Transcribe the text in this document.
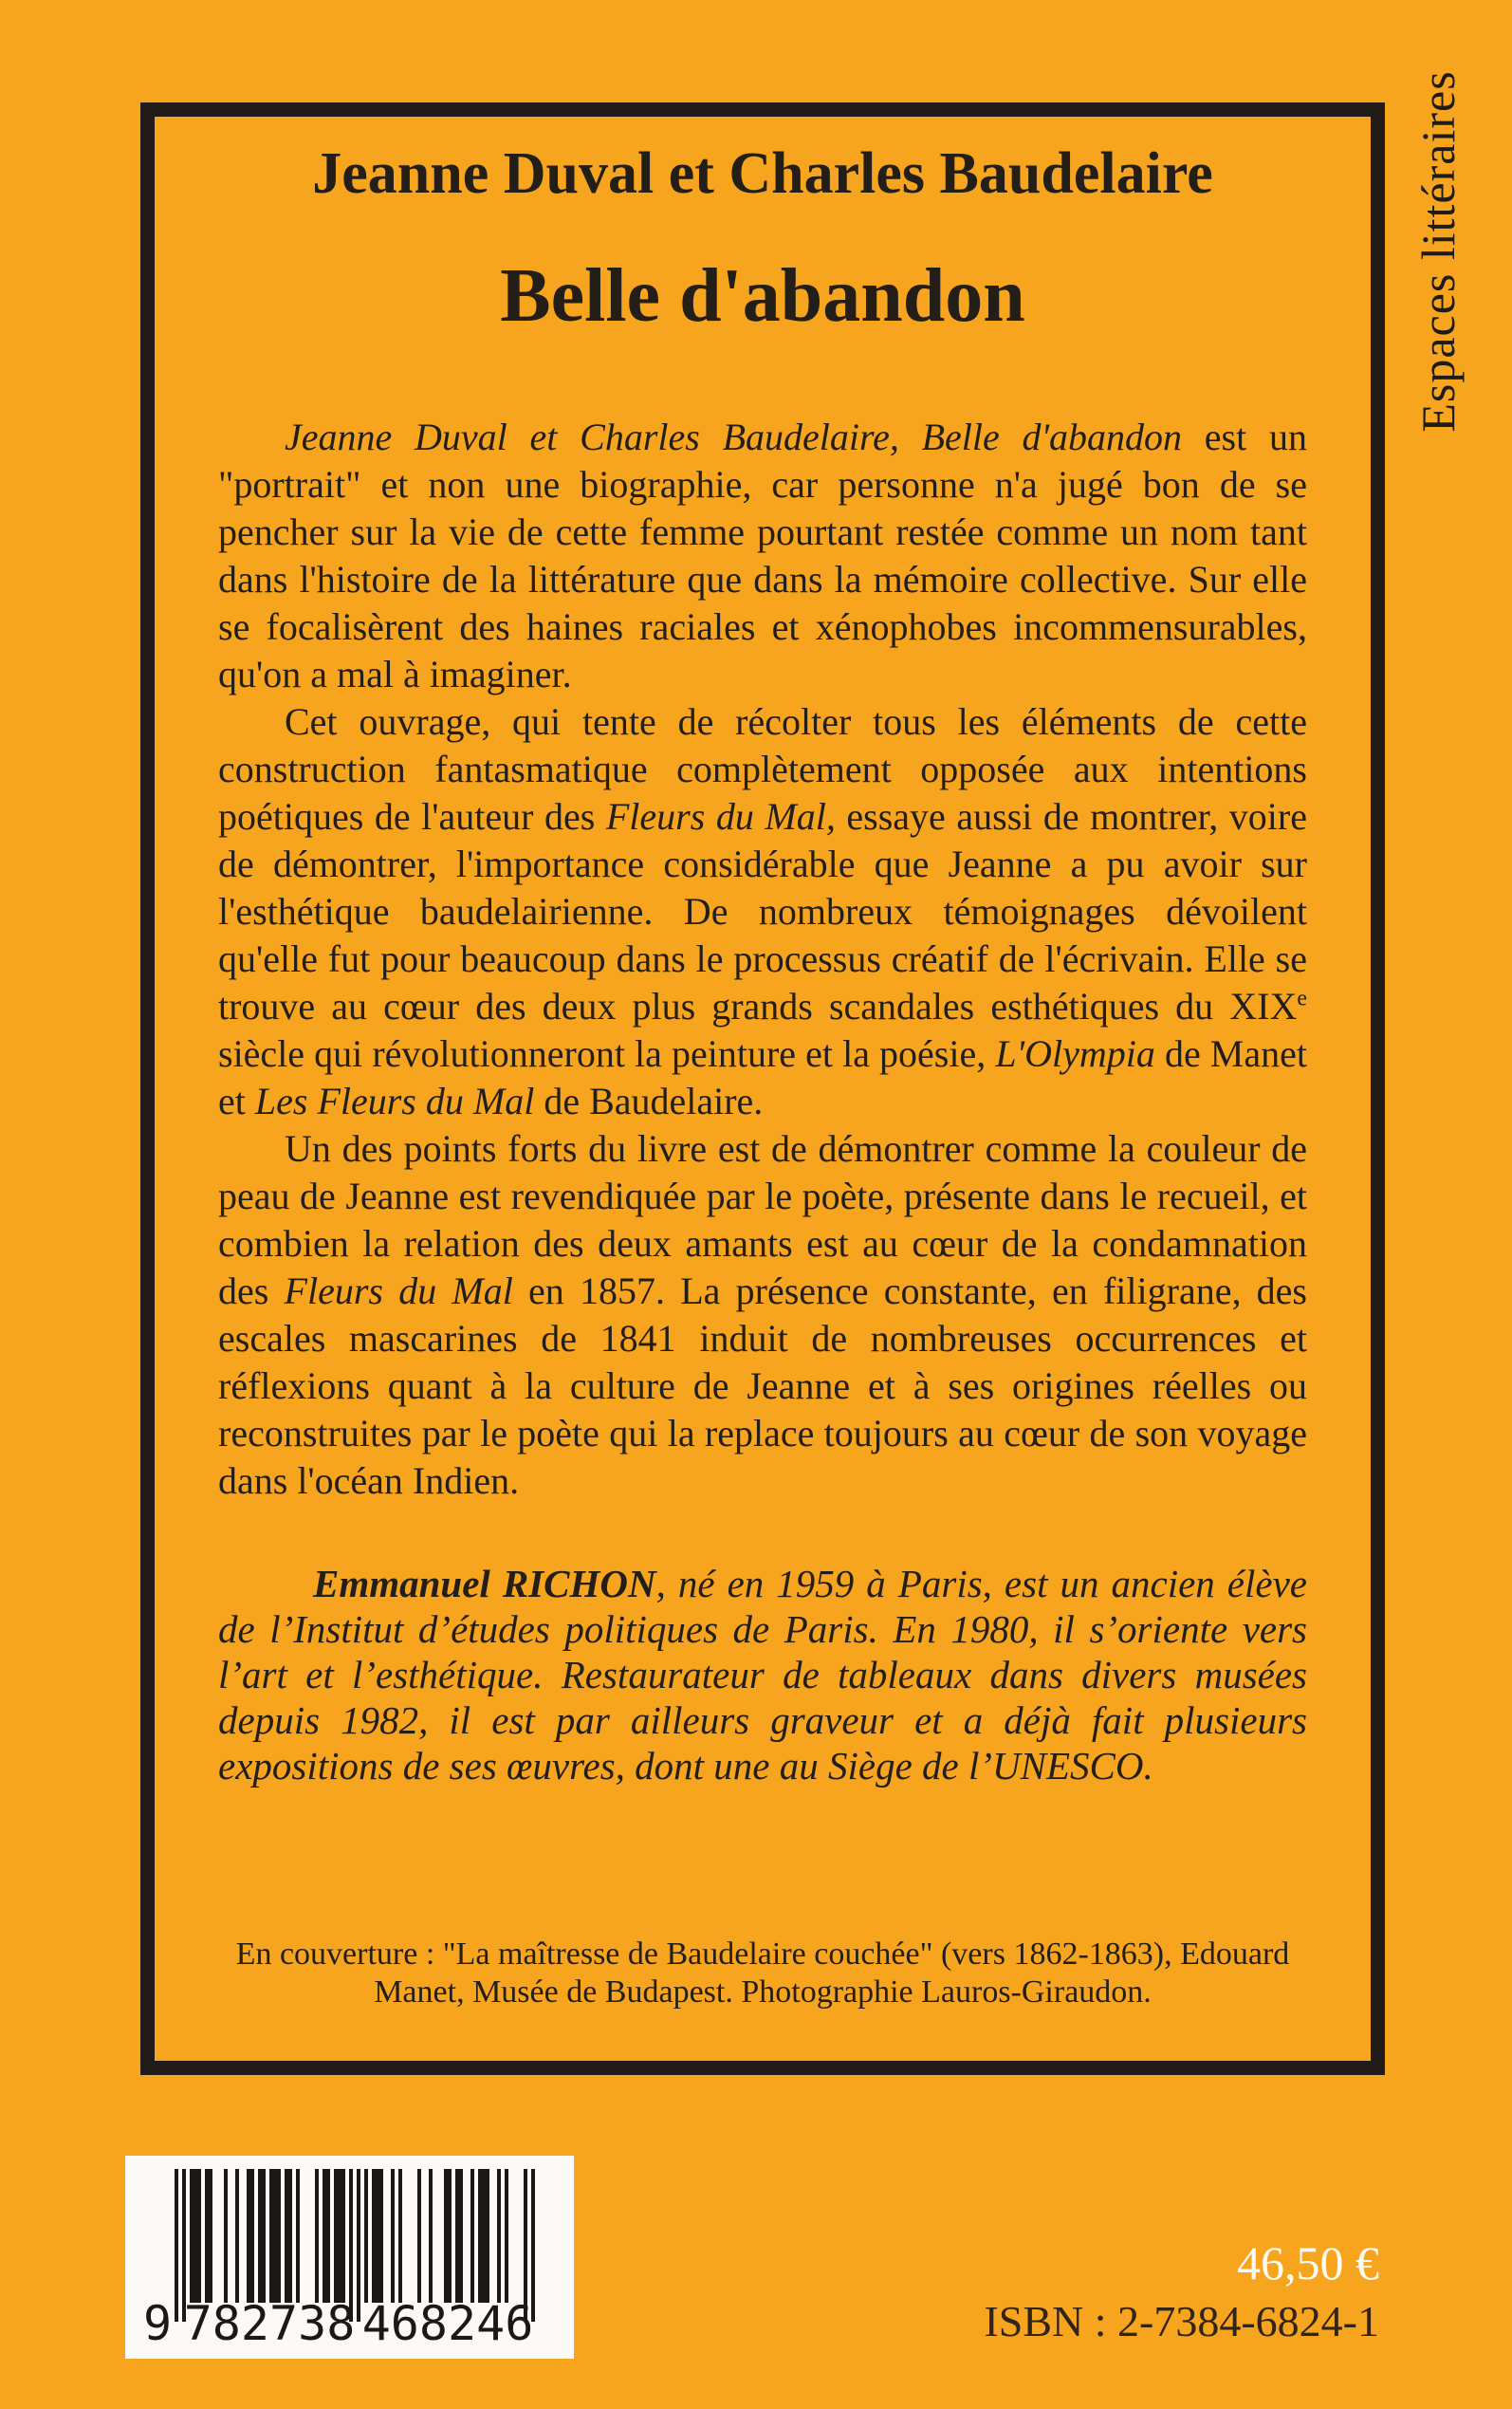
Espaces littéraires
Jeanne Duval et Charles Baudelaire
Belle d'abandon

Jeanne Duval et Charles Baudelaire, Belle d'abandon est un "portrait" et non une biographie, car personne n'a jugé bon de se pencher sur la vie de cette femme pourtant restée comme un nom tant dans l'histoire de la littérature que dans la mémoire collective. Sur elle se focalisèrent des haines raciales et xénophobes incommensurables, qu'on a mal à imaginer.

Cet ouvrage, qui tente de récolter tous les éléments de cette construction fantasmatique complètement opposée aux intentions poétiques de l'auteur des Fleurs du Mal, essaye aussi de montrer, voire de démontrer, l'importance considérable que Jeanne a pu avoir sur l'esthétique baudelairienne. De nombreux témoignages dévoilent qu'elle fut pour beaucoup dans le processus créatif de l'écrivain. Elle se trouve au cœur des deux plus grands scandales esthétiques du XIXe siècle qui révolutionneront la peinture et la poésie, L'Olympia de Manet et Les Fleurs du Mal de Baudelaire.

Un des points forts du livre est de démontrer comme la couleur de peau de Jeanne est revendiquée par le poète, présente dans le recueil, et combien la relation des deux amants est au cœur de la condamnation des Fleurs du Mal en 1857. La présence constante, en filigrane, des escales mascarines de 1841 induit de nombreuses occurrences et réflexions quant à la culture de Jeanne et à ses origines réelles ou reconstruites par le poète qui la replace toujours au cœur de son voyage dans l'océan Indien.

Emmanuel RICHON, né en 1959 à Paris, est un ancien élève de l’Institut d’études politiques de Paris. En 1980, il s’oriente vers l’art et l’esthétique. Restaurateur de tableaux dans divers musées depuis 1982, il est par ailleurs graveur et a déjà fait plusieurs expositions de ses œuvres, dont une au Siège de l’UNESCO.

En couverture : "La maîtresse de Baudelaire couchée" (vers 1862-1863), Edouard Manet, Musée de Budapest. Photographie Lauros-Giraudon.
9 782738 468246
46,50 €
ISBN : 2-7384-6824-1
